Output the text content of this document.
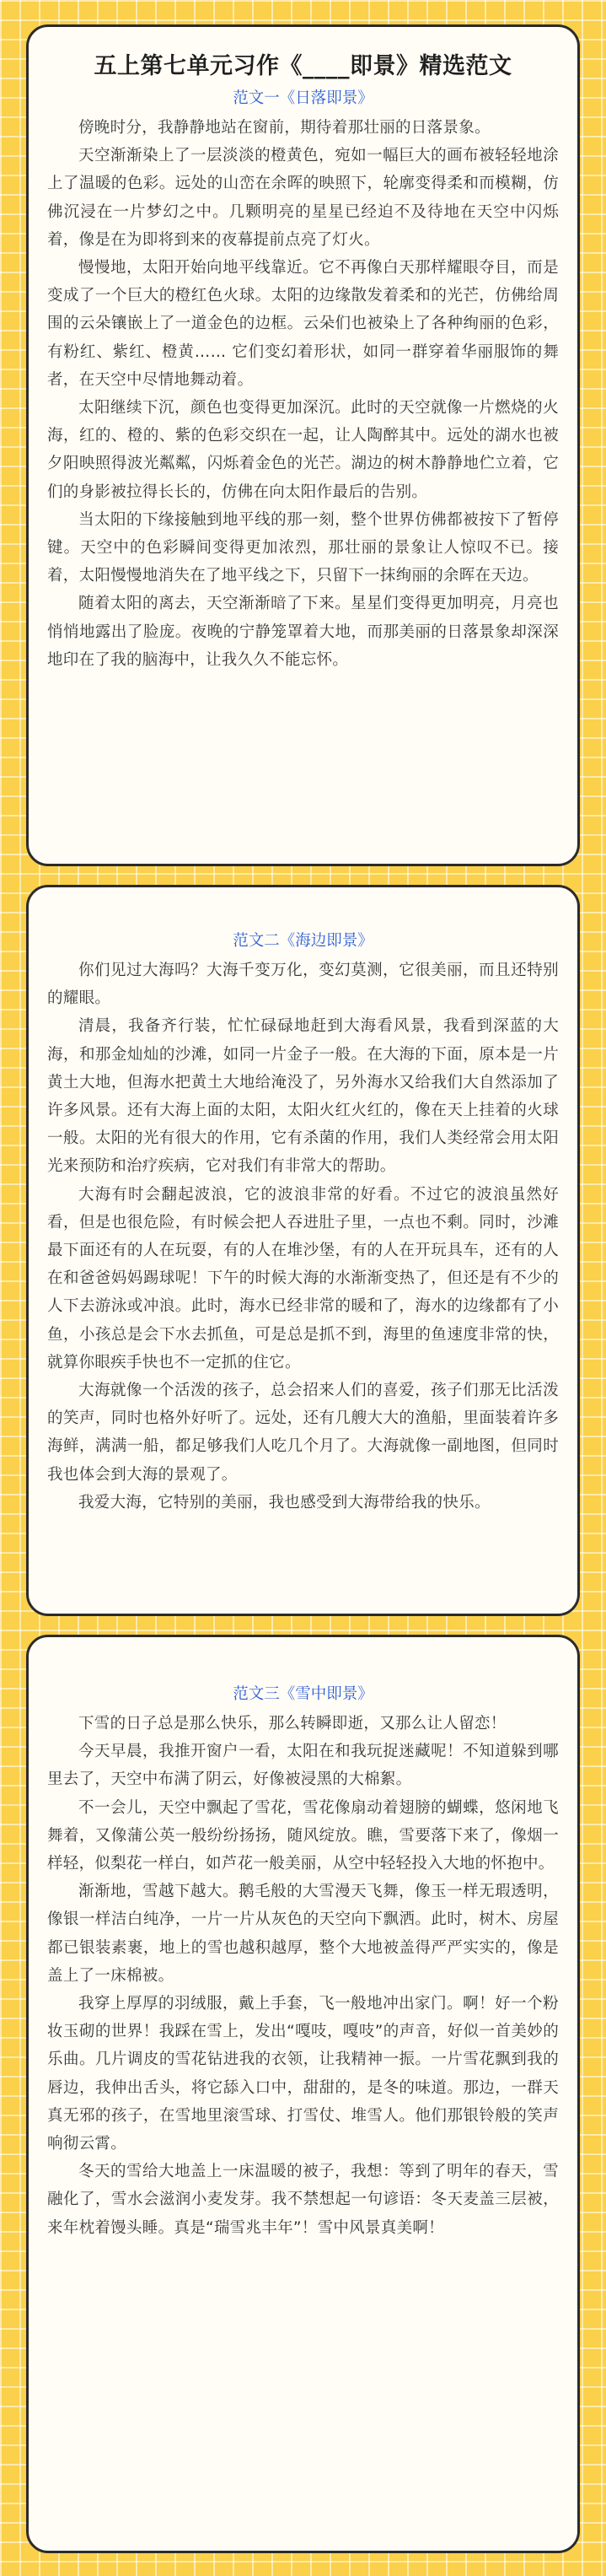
五上第七单元习作《____即景》精选范文
范文一《日落即景》

傍晚时分，我静静地站在窗前，期待着那壮丽的日落景象。

天空渐渐染上了一层淡淡的橙黄色，宛如一幅巨大的画布被轻轻地涂上了温暖的色彩。远处的山峦在余晖的映照下，轮廓变得柔和而模糊，仿佛沉浸在一片梦幻之中。几颗明亮的星星已经迫不及待地在天空中闪烁着，像是在为即将到来的夜幕提前点亮了灯火。

慢慢地，太阳开始向地平线靠近。它不再像白天那样耀眼夺目，而是变成了一个巨大的橙红色火球。太阳的边缘散发着柔和的光芒，仿佛给周围的云朵镶嵌上了一道金色的边框。云朵们也被染上了各种绚丽的色彩，有粉红、紫红、橙黄…… 它们变幻着形状，如同一群穿着华丽服饰的舞者，在天空中尽情地舞动着。

太阳继续下沉，颜色也变得更加深沉。此时的天空就像一片燃烧的火海，红的、橙的、紫的色彩交织在一起，让人陶醉其中。远处的湖水也被夕阳映照得波光粼粼，闪烁着金色的光芒。湖边的树木静静地伫立着，它们的身影被拉得长长的，仿佛在向太阳作最后的告别。

当太阳的下缘接触到地平线的那一刻，整个世界仿佛都被按下了暂停键。天空中的色彩瞬间变得更加浓烈，那壮丽的景象让人惊叹不已。接着，太阳慢慢地消失在了地平线之下，只留下一抹绚丽的余晖在天边。

随着太阳的离去，天空渐渐暗了下来。星星们变得更加明亮，月亮也悄悄地露出了脸庞。夜晚的宁静笼罩着大地，而那美丽的日落景象却深深地印在了我的脑海中，让我久久不能忘怀。

范文二《海边即景》

你们见过大海吗？大海千变万化，变幻莫测，它很美丽，而且还特别的耀眼。

清晨，我备齐行装，忙忙碌碌地赶到大海看风景，我看到深蓝的大海，和那金灿灿的沙滩，如同一片金子一般。在大海的下面，原本是一片黄土大地，但海水把黄土大地给淹没了，另外海水又给我们大自然添加了许多风景。还有大海上面的太阳，太阳火红火红的，像在天上挂着的火球一般。太阳的光有很大的作用，它有杀菌的作用，我们人类经常会用太阳光来预防和治疗疾病，它对我们有非常大的帮助。

大海有时会翻起波浪，它的波浪非常的好看。不过它的波浪虽然好看，但是也很危险，有时候会把人吞进肚子里，一点也不剩。同时，沙滩最下面还有的人在玩耍，有的人在堆沙堡，有的人在开玩具车，还有的人在和爸爸妈妈踢球呢！下午的时候大海的水渐渐变热了，但还是有不少的人下去游泳或冲浪。此时，海水已经非常的暖和了，海水的边缘都有了小鱼，小孩总是会下水去抓鱼，可是总是抓不到，海里的鱼速度非常的快，就算你眼疾手快也不一定抓的住它。

大海就像一个活泼的孩子，总会招来人们的喜爱，孩子们那无比活泼的笑声，同时也格外好听了。远处，还有几艘大大的渔船，里面装着许多海鲜，满满一船，都足够我们人吃几个月了。大海就像一副地图，但同时我也体会到大海的景观了。

我爱大海，它特别的美丽，我也感受到大海带给我的快乐。

范文三《雪中即景》

下雪的日子总是那么快乐，那么转瞬即逝，又那么让人留恋！

今天早晨，我推开窗户一看，太阳在和我玩捉迷藏呢！不知道躲到哪里去了，天空中布满了阴云，好像被浸黑的大棉絮。

不一会儿，天空中飘起了雪花，雪花像扇动着翅膀的蝴蝶，悠闲地飞舞着，又像蒲公英一般纷纷扬扬，随风绽放。瞧，雪要落下来了，像烟一样轻，似梨花一样白，如芦花一般美丽，从空中轻轻投入大地的怀抱中。

渐渐地，雪越下越大。鹅毛般的大雪漫天飞舞，像玉一样无瑕透明，像银一样洁白纯净，一片一片从灰色的天空向下飘洒。此时，树木、房屋都已银装素裹，地上的雪也越积越厚，整个大地被盖得严严实实的，像是盖上了一床棉被。

我穿上厚厚的羽绒服，戴上手套，飞一般地冲出家门。啊！好一个粉妆玉砌的世界！我踩在雪上，发出“嘎吱，嘎吱”的声音，好似一首美妙的乐曲。几片调皮的雪花钻进我的衣领，让我精神一振。一片雪花飘到我的唇边，我伸出舌头，将它舔入口中，甜甜的，是冬的味道。那边，一群天真无邪的孩子，在雪地里滚雪球、打雪仗、堆雪人。他们那银铃般的笑声响彻云霄。

冬天的雪给大地盖上一床温暖的被子，我想：等到了明年的春天，雪融化了，雪水会滋润小麦发芽。我不禁想起一句谚语：冬天麦盖三层被，来年枕着馒头睡。真是“瑞雪兆丰年”！雪中风景真美啊！
